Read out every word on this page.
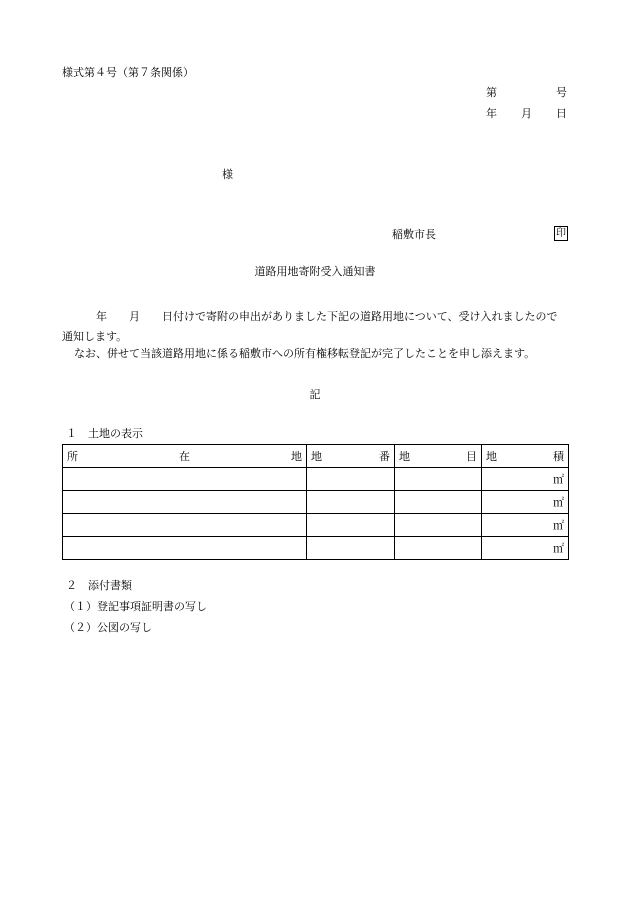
様式第４号（第７条関係）
第	号
年 月 日
様
稲敷市長	印
道路用地寄附受入通知書
年 月 日付けで寄附の申出がありました下記の道路用地について、受け入れましたので通知します。
なお、併せて当該道路用地に係る稲敷市への所有権移転登記が完了したことを申し添えます。
記
１　土地の表示
所 在 地	地 番	地 目	地 積

			㎡
			㎡
			㎡
			㎡
２　添付書類
（１）登記事項証明書の写し
（２）公図の写し
